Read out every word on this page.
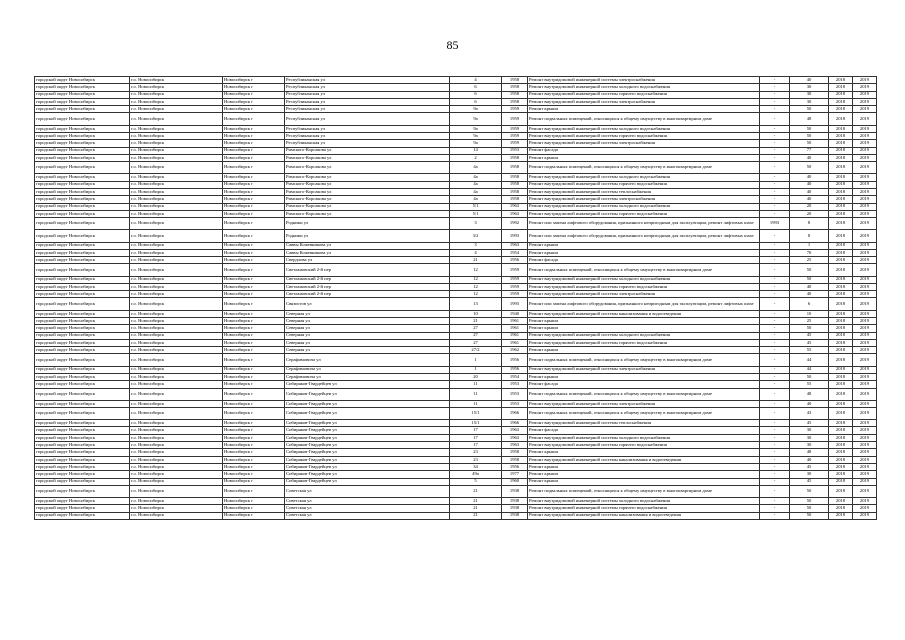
85
городской округ Новосибирск	г.о. Новосибирск	Новосибирск г	Республиканская ул	4	1958	Ремонт внутридомовой инженерной системы электроснабжения	-	40	2018	2019
городской округ Новосибирск	г.о. Новосибирск	Новосибирск г	Республиканская ул	6	1958	Ремонт внутридомовой инженерной системы холодного водоснабжения	-	30	2018	2019
городской округ Новосибирск	г.о. Новосибирск	Новосибирск г	Республиканская ул	6	1958	Ремонт внутридомовой инженерной системы горячего водоснабжения	-	30	2018	2019
городской округ Новосибирск	г.о. Новосибирск	Новосибирск г	Республиканская ул	6	1958	Ремонт внутридомовой инженерной системы электроснабжения	-	30	2018	2019
городской округ Новосибирск	г.о. Новосибирск	Новосибирск г	Республиканская ул	9а	1959	Ремонт крыши	-	50	2018	2019
городской округ Новосибирск	г.о. Новосибирск	Новосибирск г	Республиканская ул	9а	1959	Ремонт подвальных помещений, относящихся к общему имуществу в многоквартирном доме	-	48	2018	2019
городской округ Новосибирск	г.о. Новосибирск	Новосибирск г	Республиканская ул	9а	1959	Ремонт внутридомовой инженерной системы холодного водоснабжения	-	50	2018	2019
городской округ Новосибирск	г.о. Новосибирск	Новосибирск г	Республиканская ул	9а	1959	Ремонт внутридомовой инженерной системы горячего водоснабжения	-	50	2018	2019
городской округ Новосибирск	г.о. Новосибирск	Новосибирск г	Республиканская ул	9а	1959	Ремонт внутридомовой инженерной системы электроснабжения	-	50	2018	2019
городской округ Новосибирск	г.о. Новосибирск	Новосибирск г	Римского-Корсакова ул	14	1953	Ремонт фасада	-	77	2018	2019
городской округ Новосибирск	г.о. Новосибирск	Новосибирск г	Римского-Корсакова ул	2	1958	Ремонт крыши	-	40	2018	2019
городской округ Новосибирск	г.о. Новосибирск	Новосибирск г	Римского-Корсакова ул	4а	1958	Ремонт подвальных помещений, относящихся к общему имуществу в многоквартирном доме	-	50	2018	2019
городской округ Новосибирск	г.о. Новосибирск	Новосибирск г	Римского-Корсакова ул	4а	1958	Ремонт внутридомовой инженерной системы холодного водоснабжения	-	40	2018	2019
городской округ Новосибирск	г.о. Новосибирск	Новосибирск г	Римского-Корсакова ул	4а	1958	Ремонт внутридомовой инженерной системы горячего водоснабжения	-	40	2018	2019
городской округ Новосибирск	г.о. Новосибирск	Новосибирск г	Римского-Корсакова ул	4а	1958	Ремонт внутридомовой инженерной системы теплоснабжения	-	40	2018	2019
городской округ Новосибирск	г.о. Новосибирск	Новосибирск г	Римского-Корсакова ул	4а	1958	Ремонт внутридомовой инженерной системы электроснабжения	-	40	2018	2019
городской округ Новосибирск	г.о. Новосибирск	Новосибирск г	Римского-Корсакова ул	5/1	1963	Ремонт внутридомовой инженерной системы холодного водоснабжения	-	20	2018	2019
городской округ Новосибирск	г.о. Новосибирск	Новосибирск г	Римского-Корсакова ул	5/1	1963	Ремонт внутридомовой инженерной системы горячего водоснабжения	-	20	2018	2019
городской округ Новосибирск	г.о. Новосибирск	Новосибирск г	Родники ул	3	1992	Ремонт или замена лифтового оборудования, признанного непригодным для эксплуатации, ремонт лифтовых шахт	1993	8	2018	2019
городской округ Новосибирск	г.о. Новосибирск	Новосибирск г	Родники ул	3/2	1993	Ремонт или замена лифтового оборудования, признанного непригодным для эксплуатации, ремонт лифтовых шахт	-	8	2018	2019
городской округ Новосибирск	г.о. Новосибирск	Новосибирск г	Саввы Кожевникова ул	3	1963	Ремонт крыши	-	1	2018	2019
городской округ Новосибирск	г.о. Новосибирск	Новосибирск г	Саввы Кожевникова ул	4	1954	Ремонт крыши	-	70	2018	2019
городской округ Новосибирск	г.о. Новосибирск	Новосибирск г	Свердлова ул	21	1956	Ремонт фасада	-	25	2018	2019
городской округ Новосибирск	г.о. Новосибирск	Новосибирск г	Светлановский 2-й пер	12	1959	Ремонт подвальных помещений, относящихся к общему имуществу в многоквартирном доме	-	50	2018	2019
городской округ Новосибирск	г.о. Новосибирск	Новосибирск г	Светлановский 2-й пер	12	1959	Ремонт внутридомовой инженерной системы холодного водоснабжения	-	50	2018	2019
городской округ Новосибирск	г.о. Новосибирск	Новосибирск г	Светлановский 2-й пер	12	1959	Ремонт внутридомовой инженерной системы горячего водоснабжения	-	40	2018	2019
городской округ Новосибирск	г.о. Новосибирск	Новосибирск г	Светлановский 2-й пер	12	1959	Ремонт внутридомовой инженерной системы электроснабжения	-	40	2018	2019
городской округ Новосибирск	г.о. Новосибирск	Новосибирск г	Связистов ул	13	1993	Ремонт или замена лифтового оборудования, признанного непригодным для эксплуатации, ремонт лифтовых шахт	-	6	2018	2019
городской округ Новосибирск	г.о. Новосибирск	Новосибирск г	Северная ул	10	1940	Ремонт внутридомовой инженерной системы канализования и водоотведения	-	10	2018	2019
городской округ Новосибирск	г.о. Новосибирск	Новосибирск г	Северная ул	21	1961	Ремонт крыши	-	25	2018	2019
городской округ Новосибирск	г.о. Новосибирск	Новосибирск г	Северная ул	27	1961	Ремонт крыши	-	50	2018	2019
городской округ Новосибирск	г.о. Новосибирск	Новосибирск г	Северная ул	27	1961	Ремонт внутридомовой инженерной системы холодного водоснабжения	-	45	2018	2019
городской округ Новосибирск	г.о. Новосибирск	Новосибирск г	Северная ул	27	1961	Ремонт внутридомовой инженерной системы горячего водоснабжения	-	45	2018	2019
городской округ Новосибирск	г.о. Новосибирск	Новосибирск г	Северная ул	27/2	1962	Ремонт крыши	-	55	2018	2019
городской округ Новосибирск	г.о. Новосибирск	Новосибирск г	Серафимовича ул	1	1956	Ремонт подвальных помещений, относящихся к общему имуществу в многоквартирном доме	-	44	2018	2019
городской округ Новосибирск	г.о. Новосибирск	Новосибирск г	Серафимовича ул	1	1956	Ремонт внутридомовой инженерной системы электроснабжения	-	44	2018	2019
городской округ Новосибирск	г.о. Новосибирск	Новосибирск г	Серафимовича ул	20	1954	Ремонт крыши	-	50	2018	2019
городской округ Новосибирск	г.о. Новосибирск	Новосибирск г	Сибиряков-Гвардейцев ул	11	1953	Ремонт фасада	-	55	2018	2019
городской округ Новосибирск	г.о. Новосибирск	Новосибирск г	Сибиряков-Гвардейцев ул	11	1953	Ремонт подвальных помещений, относящихся к общему имуществу в многоквартирном доме	-	48	2018	2019
городской округ Новосибирск	г.о. Новосибирск	Новосибирск г	Сибиряков-Гвардейцев ул	11	1953	Ремонт внутридомовой инженерной системы электроснабжения	-	40	2018	2019
городской округ Новосибирск	г.о. Новосибирск	Новосибирск г	Сибиряков-Гвардейцев ул	15/1	1966	Ремонт подвальных помещений, относящихся к общему имуществу в многоквартирном доме	-	43	2018	2019
городской округ Новосибирск	г.о. Новосибирск	Новосибирск г	Сибиряков-Гвардейцев ул	15/1	1966	Ремонт внутридомовой инженерной системы теплоснабжения	-	45	2018	2019
городской округ Новосибирск	г.о. Новосибирск	Новосибирск г	Сибиряков-Гвардейцев ул	17	1963	Ремонт фасада	-	30	2018	2019
городской округ Новосибирск	г.о. Новосибирск	Новосибирск г	Сибиряков-Гвардейцев ул	17	1963	Ремонт внутридомовой инженерной системы холодного водоснабжения	-	30	2018	2019
городской округ Новосибирск	г.о. Новосибирск	Новосибирск г	Сибиряков-Гвардейцев ул	17	1963	Ремонт внутридомовой инженерной системы горячего водоснабжения	-	30	2018	2019
городской округ Новосибирск	г.о. Новосибирск	Новосибирск г	Сибиряков-Гвардейцев ул	23	1958	Ремонт крыши	-	48	2018	2019
городской округ Новосибирск	г.о. Новосибирск	Новосибирск г	Сибиряков-Гвардейцев ул	23	1958	Ремонт внутридомовой инженерной системы канализования и водоотведения	-	40	2018	2019
городской округ Новосибирск	г.о. Новосибирск	Новосибирск г	Сибиряков-Гвардейцев ул	34	1956	Ремонт крыши	-	45	2018	2019
городской округ Новосибирск	г.о. Новосибирск	Новосибирск г	Сибиряков-Гвардейцев ул	49а	1977	Ремонт крыши	-	30	2018	2019
городской округ Новосибирск	г.о. Новосибирск	Новосибирск г	Сибиряков-Гвардейцев ул	5	1960	Ремонт крыши	-	45	2018	2019
городской округ Новосибирск	г.о. Новосибирск	Новосибирск г	Советская ул	21	1938	Ремонт подвальных помещений, относящихся к общему имуществу в многоквартирном доме	-	50	2018	2019
городской округ Новосибирск	г.о. Новосибирск	Новосибирск г	Советская ул	21	1938	Ремонт внутридомовой инженерной системы холодного водоснабжения	-	50	2018	2019
городской округ Новосибирск	г.о. Новосибирск	Новосибирск г	Советская ул	21	1938	Ремонт внутридомовой инженерной системы горячего водоснабжения	-	50	2018	2019
городской округ Новосибирск	г.о. Новосибирск	Новосибирск г	Советская ул	21	1938	Ремонт внутридомовой инженерной системы канализования и водоотведения	-	50	2018	2019
